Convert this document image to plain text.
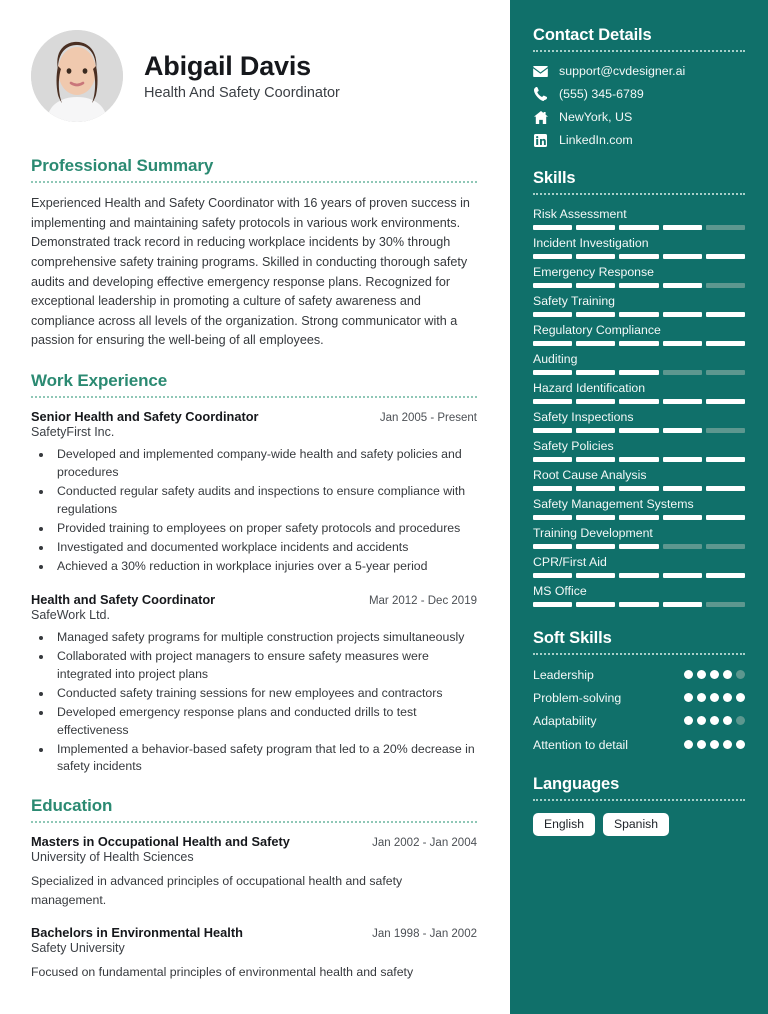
Abigail Davis
Health And Safety Coordinator
Professional Summary

Experienced Health and Safety Coordinator with 16 years of proven success in implementing and maintaining safety protocols in various work environments. Demonstrated track record in reducing workplace incidents by 30% through comprehensive safety training programs. Skilled in conducting thorough safety audits and developing effective emergency response plans. Recognized for exceptional leadership in promoting a culture of safety awareness and compliance across all levels of the organization. Strong communicator with a passion for ensuring the well-being of all employees.

Work Experience
Senior Health and Safety Coordinator	Jan 2005 - Present
SafetyFirst Inc.
• Developed and implemented company-wide health and safety policies and procedures
• Conducted regular safety audits and inspections to ensure compliance with regulations
• Provided training to employees on proper safety protocols and procedures
• Investigated and documented workplace incidents and accidents
• Achieved a 30% reduction in workplace injuries over a 5-year period
Health and Safety Coordinator	Mar 2012 - Dec 2019
SafeWork Ltd.
• Managed safety programs for multiple construction projects simultaneously
• Collaborated with project managers to ensure safety measures were integrated into project plans
• Conducted safety training sessions for new employees and contractors
• Developed emergency response plans and conducted drills to test effectiveness
• Implemented a behavior-based safety program that led to a 20% decrease in safety incidents
Education
Masters in Occupational Health and Safety	Jan 2002 - Jan 2004
University of Health Sciences
Specialized in advanced principles of occupational health and safety management.
Bachelors in Environmental Health	Jan 1998 - Jan 2002
Safety University
Focused on fundamental principles of environmental health and safety
Contact Details
support@cvdesigner.ai
(555) 345-6789
NewYork, US
LinkedIn.com
Skills
Risk Assessment
Incident Investigation
Emergency Response
Safety Training
Regulatory Compliance
Auditing
Hazard Identification
Safety Inspections
Safety Policies
Root Cause Analysis
Safety Management Systems
Training Development
CPR/First Aid
MS Office
Soft Skills
Leadership
Problem-solving
Adaptability
Attention to detail
Languages
English	Spanish
